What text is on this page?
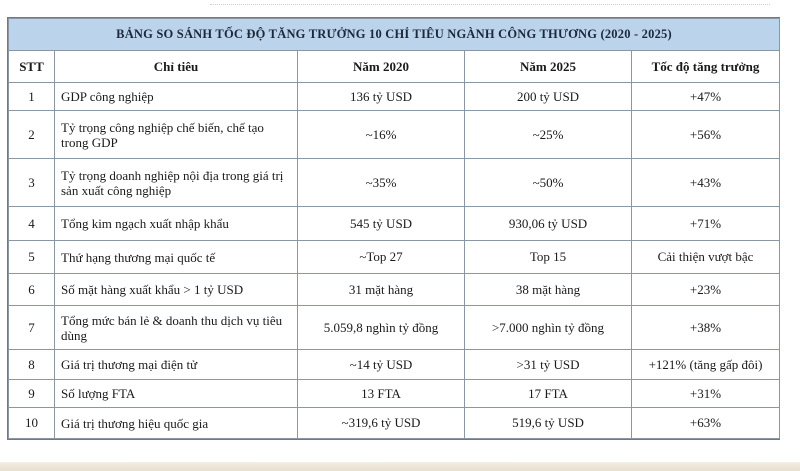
BẢNG SO SÁNH TỐC ĐỘ TĂNG TRƯỞNG 10 CHỈ TIÊU NGÀNH CÔNG THƯƠNG (2020 - 2025)				
STT	Chỉ tiêu	Năm 2020	Năm 2025	Tốc độ tăng trưởng
1	GDP công nghiệp	136 tỷ USD	200 tỷ USD	+47%
2	Tỷ trọng công nghiệp chế biến, chế tạo trong GDP	~16%	~25%	+56%
3	Tỷ trọng doanh nghiệp nội địa trong giá trị sản xuất công nghiệp	~35%	~50%	+43%
4	Tổng kim ngạch xuất nhập khẩu	545 tỷ USD	930,06 tỷ USD	+71%
5	Thứ hạng thương mại quốc tế	~Top 27	Top 15	Cải thiện vượt bậc
6	Số mặt hàng xuất khẩu > 1 tỷ USD	31 mặt hàng	38 mặt hàng	+23%
7	Tổng mức bán lẻ & doanh thu dịch vụ tiêu dùng	5.059,8 nghìn tỷ đồng	>7.000 nghìn tỷ đồng	+38%
8	Giá trị thương mại điện tử	~14 tỷ USD	>31 tỷ USD	+121% (tăng gấp đôi)
9	Số lượng FTA	13 FTA	17 FTA	+31%
10	Giá trị thương hiệu quốc gia	~319,6 tỷ USD	519,6 tỷ USD	+63%
